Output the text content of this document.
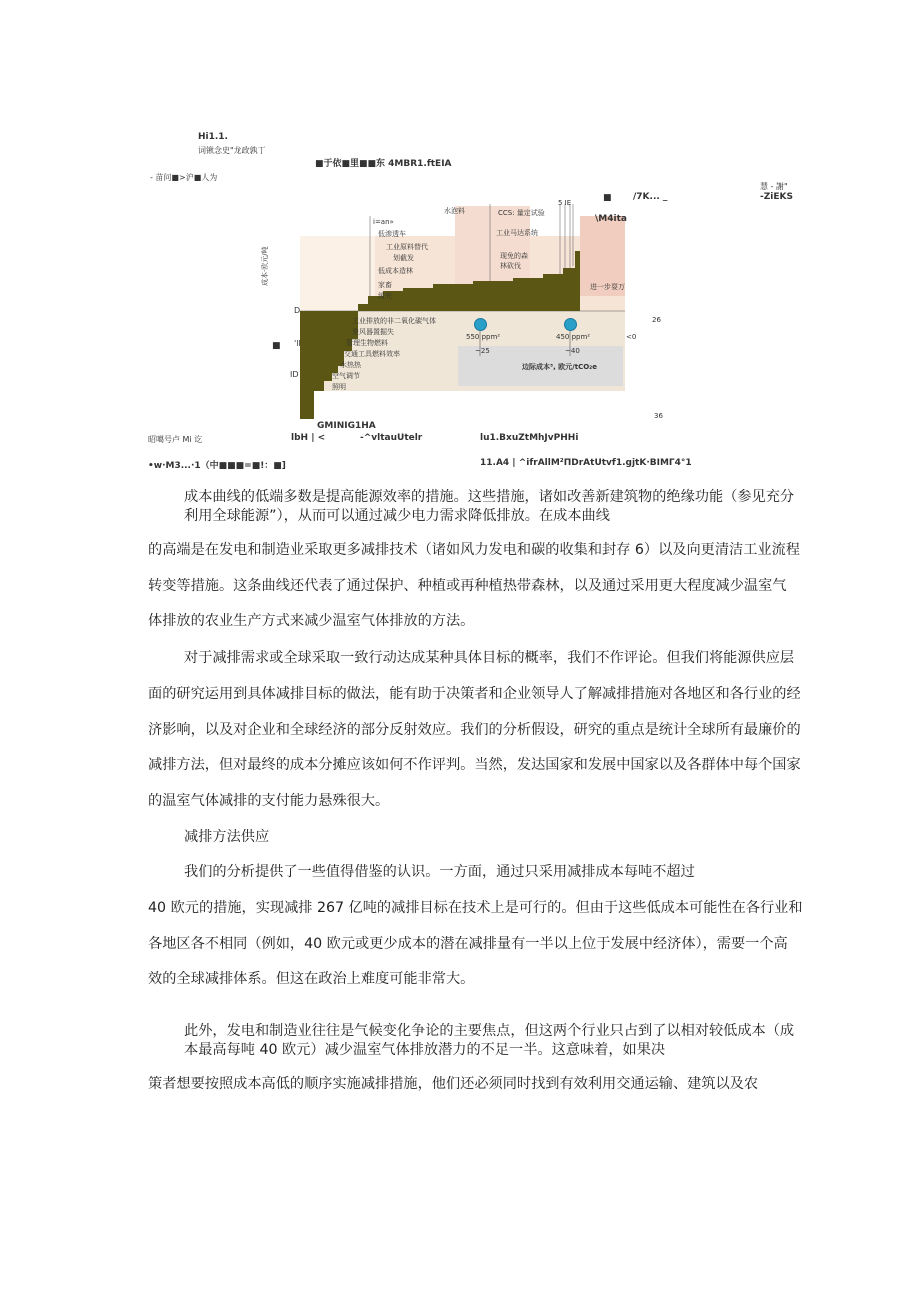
Hi1.1.
词锹念史"龙政孰丁
■于依■里■■东 4MBR1.ftEIA
- 苗问■>沪■人为
■ /7K... _
慧 - 謝"
-ZiEKS
i=an»
水泡料	CCS: 量定试验
5 IE
\M4ita
低渗透车	工业马达系统
工业原料替代
划截发	现免的森林砍伐
低成本造林
家畜
缓充
进一步耍万
工业排放的非二氧化碳气体
差风器置掘失
管理生物燃料
交通工具燃料效率
水热热
空气调节
照明
550 ppm²	450 ppm²
~25	~40
边际成本³, 欧元/tCO₂e
<0
26
36
成本·欧元/吨
D
'll
ID
■
GMINIG1HA
昭噶号卢 Mi 讫	lbH | <	-^vltauUtelr	lu1.BxuZtMhJvPHHi
•w·M3...·1（中■■■=■!：■]	11.A4 | ^ifrAllM²ΠDrAtUtvf1.gjtK·BIMΓ4°1
成本曲线的低端多数是提高能源效率的措施。这些措施，诸如改善新建筑物的绝缘功能（参见充分
利用全球能源”），从而可以通过减少电力需求降低排放。在成本曲线
的高端是在发电和制造业采取更多减排技术（诸如风力发电和碳的收集和封存 6）以及向更清洁工业流程
转变等措施。这条曲线还代表了通过保护、种植或再种植热带森林，以及通过采用更大程度减少温室气
体排放的农业生产方式来减少温室气体排放的方法。
对于减排需求或全球采取一致行动达成某种具体目标的概率，我们不作评论。但我们将能源供应层
面的研究运用到具体减排目标的做法，能有助于决策者和企业领导人了解减排措施对各地区和各行业的经
济影响，以及对企业和全球经济的部分反射效应。我们的分析假设，研究的重点是统计全球所有最廉价的
减排方法，但对最终的成本分摊应该如何不作评判。当然，发达国家和发展中国家以及各群体中每个国家
的温室气体减排的支付能力悬殊很大。
减排方法供应
我们的分析提供了一些值得借鉴的认识。一方面，通过只采用减排成本每吨不超过
40 欧元的措施，实现减排 267 亿吨的减排目标在技术上是可行的。但由于这些低成本可能性在各行业和
各地区各不相同（例如，40 欧元或更少成本的潜在减排量有一半以上位于发展中经济体），需要一个高
效的全球减排体系。但这在政治上难度可能非常大。
此外，发电和制造业往往是气候变化争论的主要焦点，但这两个行业只占到了以相对较低成本（成
本最高每吨 40 欧元）减少温室气体排放潜力的不足一半。这意味着，如果决
策者想要按照成本高低的顺序实施减排措施，他们还必须同时找到有效利用交通运输、建筑以及农
